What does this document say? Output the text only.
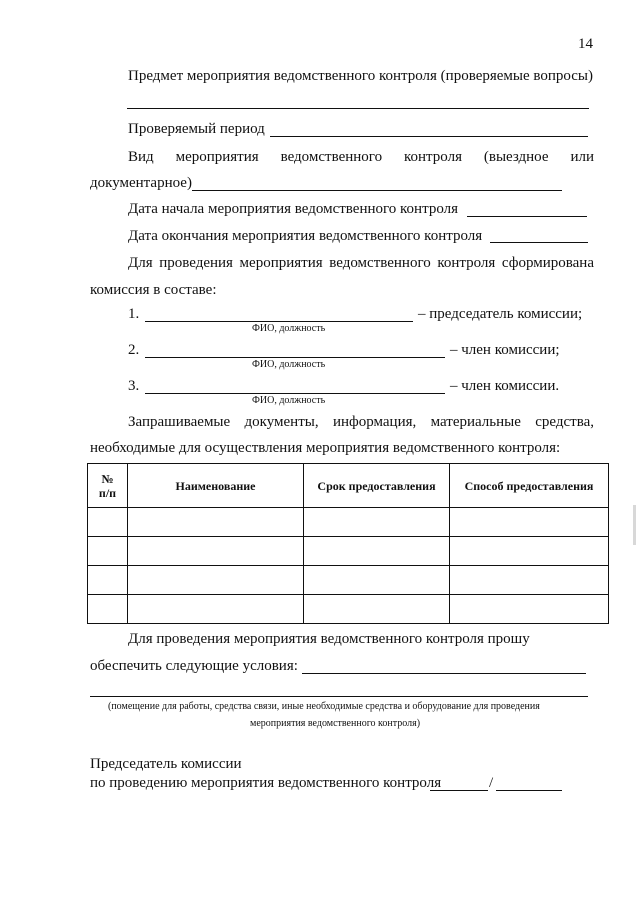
14
Предмет мероприятия ведомственного контроля (проверяемые вопросы)
Проверяемый период
Вид мероприятия ведомственного контроля (выездное или
документарное)
Дата начала мероприятия ведомственного контроля
Дата окончания мероприятия ведомственного контроля
Для проведения мероприятия ведомственного контроля сформирована
комиссия в составе:
1.	– председатель комиссии;
ФИО, должность
2.	– член комиссии;
ФИО, должность
3.	– член комиссии.
ФИО, должность
Запрашиваемые документы, информация, материальные средства,
необходимые для осуществления мероприятия ведомственного контроля:
№
п/п	Наименование	Срок предоставления	Способ предоставления

Для проведения мероприятия ведомственного контроля прошу
обеспечить следующие условия:
(помещение для работы, средства связи, иные необходимые средства и оборудование для проведения
мероприятия ведомственного контроля)
Председатель комиссии
по проведению мероприятия ведомственного контроля	/
